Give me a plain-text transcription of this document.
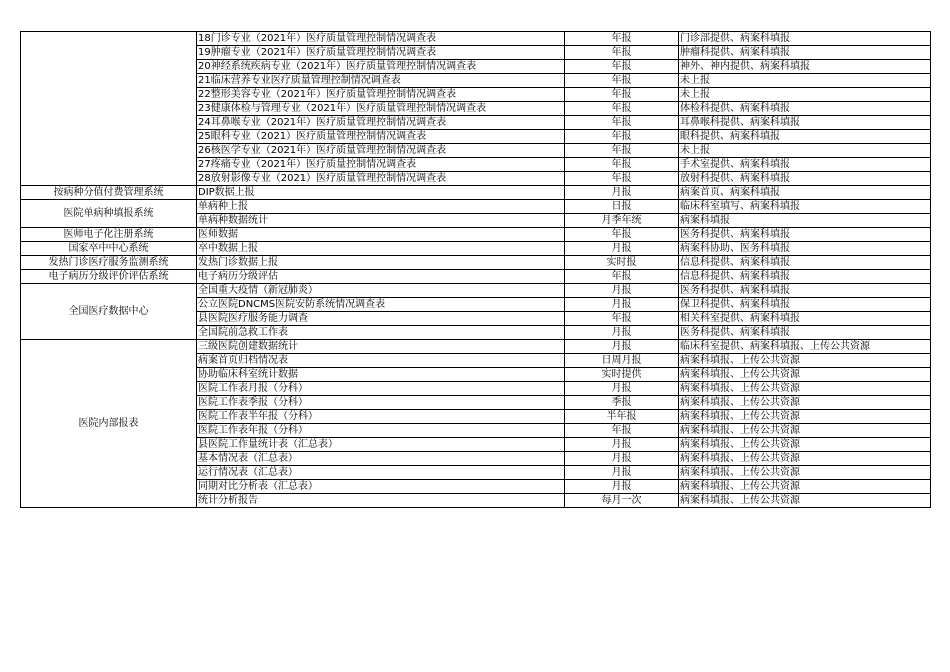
	18门诊专业（2021年）医疗质量管理控制情况调查表	年报	门诊部提供、病案科填报
	19肿瘤专业（2021年）医疗质量管理控制情况调查表	年报	肿瘤科提供、病案科填报
	20神经系统疾病专业（2021年）医疗质量管理控制情况调查表	年报	神外、神内提供、病案科填报
	21临床营养专业医疗质量管理控制情况调查表	年报	未上报
	22整形美容专业（2021年）医疗质量管理控制情况调查表	年报	未上报
	23健康体检与管理专业（2021年）医疗质量管理控制情况调查表	年报	体检科提供、病案科填报
	24耳鼻喉专业（2021年）医疗质量管理控制情况调查表	年报	耳鼻喉科提供、病案科填报
	25眼科专业（2021）医疗质量管理控制情况调查表	年报	眼科提供、病案科填报
	26核医学专业（2021年）医疗质量管理控制情况调查表	年报	未上报
	27疼痛专业（2021年）医疗质量控制情况调查表	年报	手术室提供、病案科填报
	28放射影像专业（2021）医疗质量管理控制情况调查表	年报	放射科提供、病案科填报
按病种分值付费管理系统	DIP数据上报	月报	病案首页、病案科填报
医院单病种填报系统	单病种上报	日报	临床科室填写、病案科填报
	单病种数据统计	月季年统	病案科填报
医师电子化注册系统	医师数据	年报	医务科提供、病案科填报
国家卒中中心系统	卒中数据上报	月报	病案科协助、医务科填报
发热门诊医疗服务监测系统	发热门诊数据上报	实时报	信息科提供、病案科填报
电子病历分级评价评估系统	电子病历分级评估	年报	信息科提供、病案科填报
全国医疗数据中心	全国重大疫情（新冠肺炎）	月报	医务科提供、病案科填报
	公立医院DNCMS医院安防系统情况调查表	月报	保卫科提供、病案科填报
	县医院医疗服务能力调查	年报	相关科室提供、病案科填报
	全国院前急救工作表	月报	医务科提供、病案科填报
医院内部报表	三级医院创建数据统计	月报	临床科室提供、病案科填报、上传公共资源
	病案首页归档情况表	日周月报	病案科填报、上传公共资源
	协助临床科室统计数据	实时提供	病案科填报、上传公共资源
	医院工作表月报（分科）	月报	病案科填报、上传公共资源
	医院工作表季报（分科）	季报	病案科填报、上传公共资源
	医院工作表半年报（分科）	半年报	病案科填报、上传公共资源
	医院工作表年报（分科）	年报	病案科填报、上传公共资源
	县医院工作量统计表（汇总表）	月报	病案科填报、上传公共资源
	基本情况表（汇总表）	月报	病案科填报、上传公共资源
	运行情况表（汇总表）	月报	病案科填报、上传公共资源
	同期对比分析表（汇总表）	月报	病案科填报、上传公共资源
	统计分析报告	每月一次	病案科填报、上传公共资源
